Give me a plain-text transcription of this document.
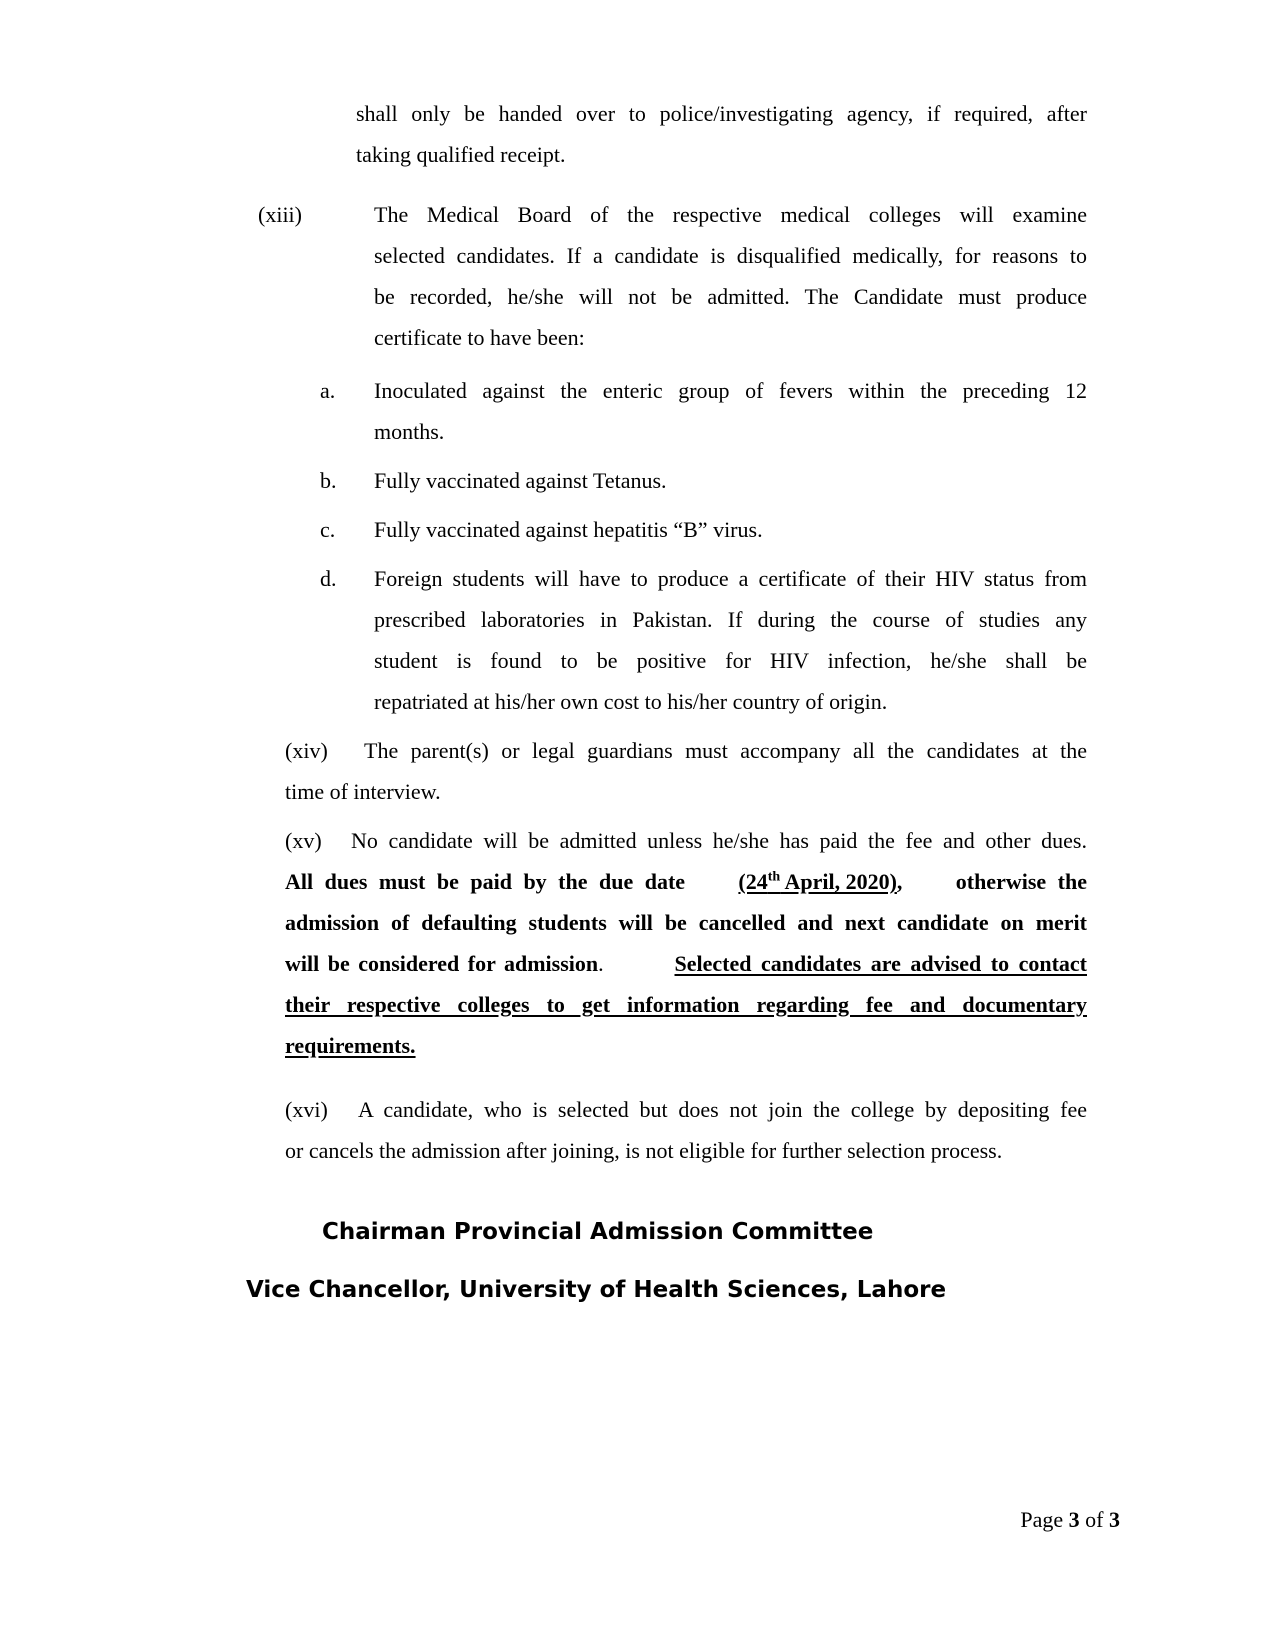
shall only be handed over to police/investigating agency, if required, after
taking qualified receipt.
(xiii)	The Medical Board of the respective medical colleges will examine
selected candidates. If a candidate is disqualified medically, for reasons to
be recorded, he/she will not be admitted. The Candidate must produce
certificate to have been:
a. Inoculated against the enteric group of fevers within the preceding 12
months.
b. Fully vaccinated against Tetanus.
c. Fully vaccinated against hepatitis “B” virus.
d. Foreign students will have to produce a certificate of their HIV status from
prescribed laboratories in Pakistan. If during the course of studies any
student is found to be positive for HIV infection, he/she shall be
repatriated at his/her own cost to his/her country of origin.
(xiv) The parent(s) or legal guardians must accompany all the candidates at the
time of interview.
(xv) No candidate will be admitted unless he/she has paid the fee and other dues.
All dues must be paid by the due date (24th April, 2020), otherwise the
admission of defaulting students will be cancelled and next candidate on merit
will be considered for admission.	Selected candidates are advised to contact
their respective colleges to get information regarding fee and documentary
requirements.
(xvi) A candidate, who is selected but does not join the college by depositing fee
or cancels the admission after joining, is not eligible for further selection process.
Chairman Provincial Admission Committee
Vice Chancellor, University of Health Sciences, Lahore
Page 3 of 3
